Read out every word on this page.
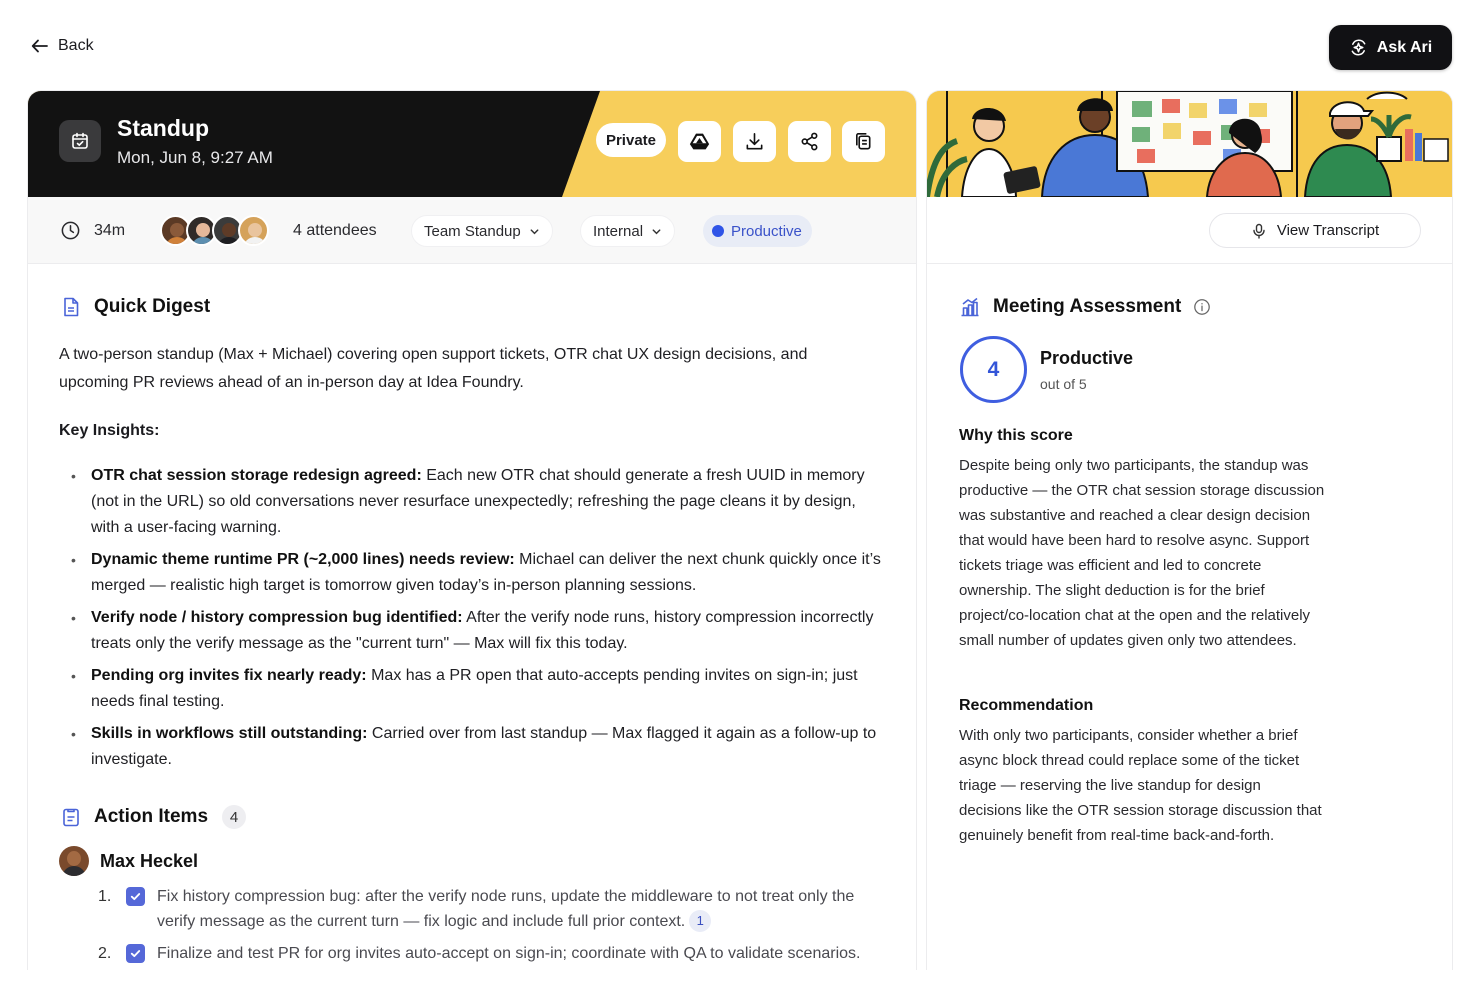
Back	Ask Ari
Standup
Mon, Jun 8, 9:27 AM
Private
34m	4 attendees	Team Standup	Internal	Productive
Quick Digest
A two-person standup (Max + Michael) covering open support tickets, OTR chat UX design decisions, and upcoming PR reviews ahead of an in-person day at Idea Foundry.
Key Insights:
• OTR chat session storage redesign agreed: Each new OTR chat should generate a fresh UUID in memory (not in the URL) so old conversations never resurface unexpectedly; refreshing the page cleans it by design, with a user-facing warning.
• Dynamic theme runtime PR (~2,000 lines) needs review: Michael can deliver the next chunk quickly once it’s merged — realistic high target is tomorrow given today’s in-person planning sessions.
• Verify node / history compression bug identified: After the verify node runs, history compression incorrectly treats only the verify message as the "current turn" — Max will fix this today.
• Pending org invites fix nearly ready: Max has a PR open that auto-accepts pending invites on sign-in; just needs final testing.
• Skills in workflows still outstanding: Carried over from last standup — Max flagged it again as a follow-up to investigate.
Action Items	4
Max Heckel
1.	Fix history compression bug: after the verify node runs, update the middleware to not treat only the verify message as the current turn — fix logic and include full prior context. 1
2.	Finalize and test PR for org invites auto-accept on sign-in; coordinate with QA to validate scenarios.
View Transcript
Meeting Assessment
4	Productive
out of 5
Why this score
Despite being only two participants, the standup was productive — the OTR chat session storage discussion was substantive and reached a clear design decision that would have been hard to resolve async. Support tickets triage was efficient and led to concrete ownership. The slight deduction is for the brief project/co-location chat at the open and the relatively small number of updates given only two attendees.
Recommendation
With only two participants, consider whether a brief async block thread could replace some of the ticket triage — reserving the live standup for design decisions like the OTR session storage discussion that genuinely benefit from real-time back-and-forth.
